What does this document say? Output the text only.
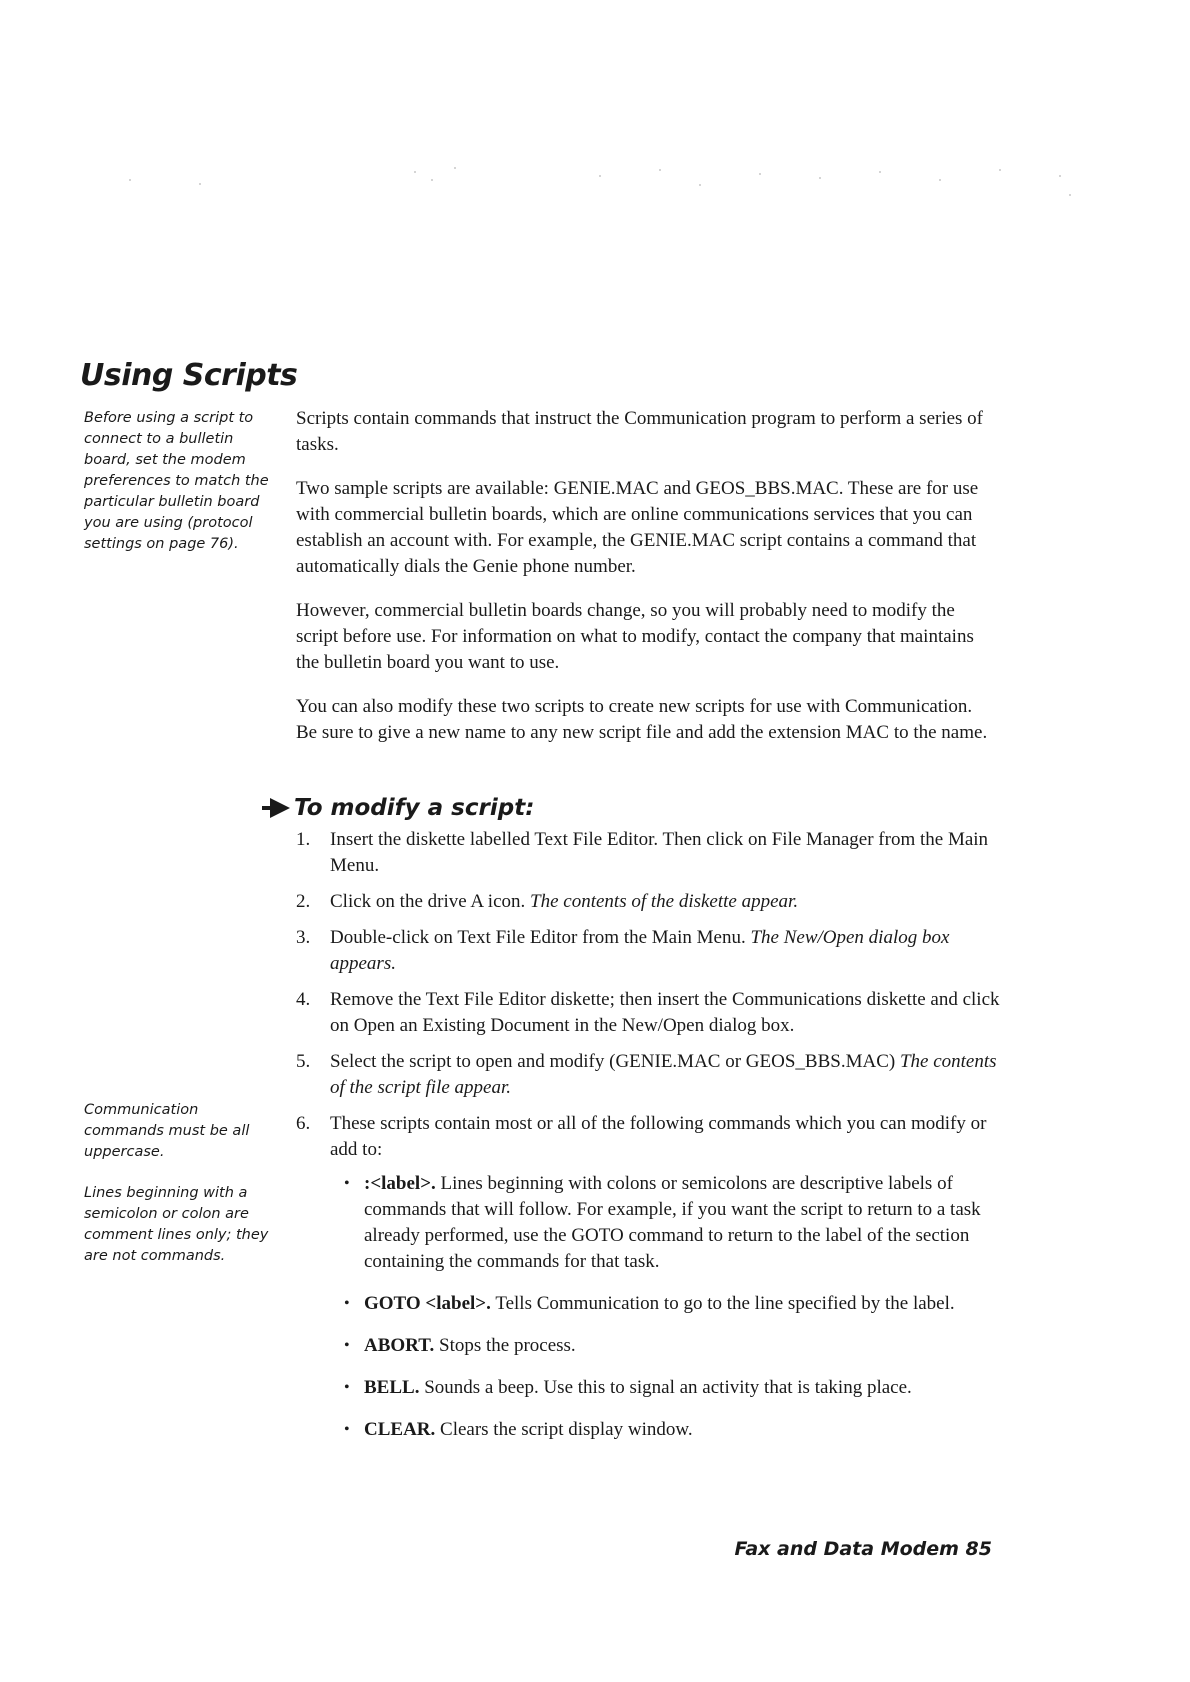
Using Scripts

Before using a script to connect to a bulletin board, set the modem preferences to match the particular bulletin board you are using (protocol settings on page 76).

Communication commands must be all uppercase.

Lines beginning with a semicolon or colon are comment lines only; they are not commands.

Scripts contain commands that instruct the Communication program to perform a series of tasks.

Two sample scripts are available: GENIE.MAC and GEOS_BBS.MAC. These are for use with commercial bulletin boards, which are online communications services that you can establish an account with. For example, the GENIE.MAC script contains a command that automatically dials the Genie phone number.

However, commercial bulletin boards change, so you will probably need to modify the script before use. For information on what to modify, contact the company that maintains the bulletin board you want to use.

You can also modify these two scripts to create new scripts for use with Communication. Be sure to give a new name to any new script file and add the extension MAC to the name.

To modify a script:
1. Insert the diskette labelled Text File Editor. Then click on File Manager from the Main Menu.
2. Click on the drive A icon. The contents of the diskette appear.
3. Double-click on Text File Editor from the Main Menu. The New/Open dialog box appears.
4. Remove the Text File Editor diskette; then insert the Communications diskette and click on Open an Existing Document in the New/Open dialog box.
5. Select the script to open and modify (GENIE.MAC or GEOS_BBS.MAC) The contents of the script file appear.
6. These scripts contain most or all of the following commands which you can modify or add to:
• :<label>. Lines beginning with colons or semicolons are descriptive labels of commands that will follow. For example, if you want the script to return to a task already performed, use the GOTO command to return to the label of the section containing the commands for that task.
• GOTO <label>. Tells Communication to go to the line specified by the label.
• ABORT. Stops the process.
• BELL. Sounds a beep. Use this to signal an activity that is taking place.
• CLEAR. Clears the script display window.
Fax and Data Modem 85
